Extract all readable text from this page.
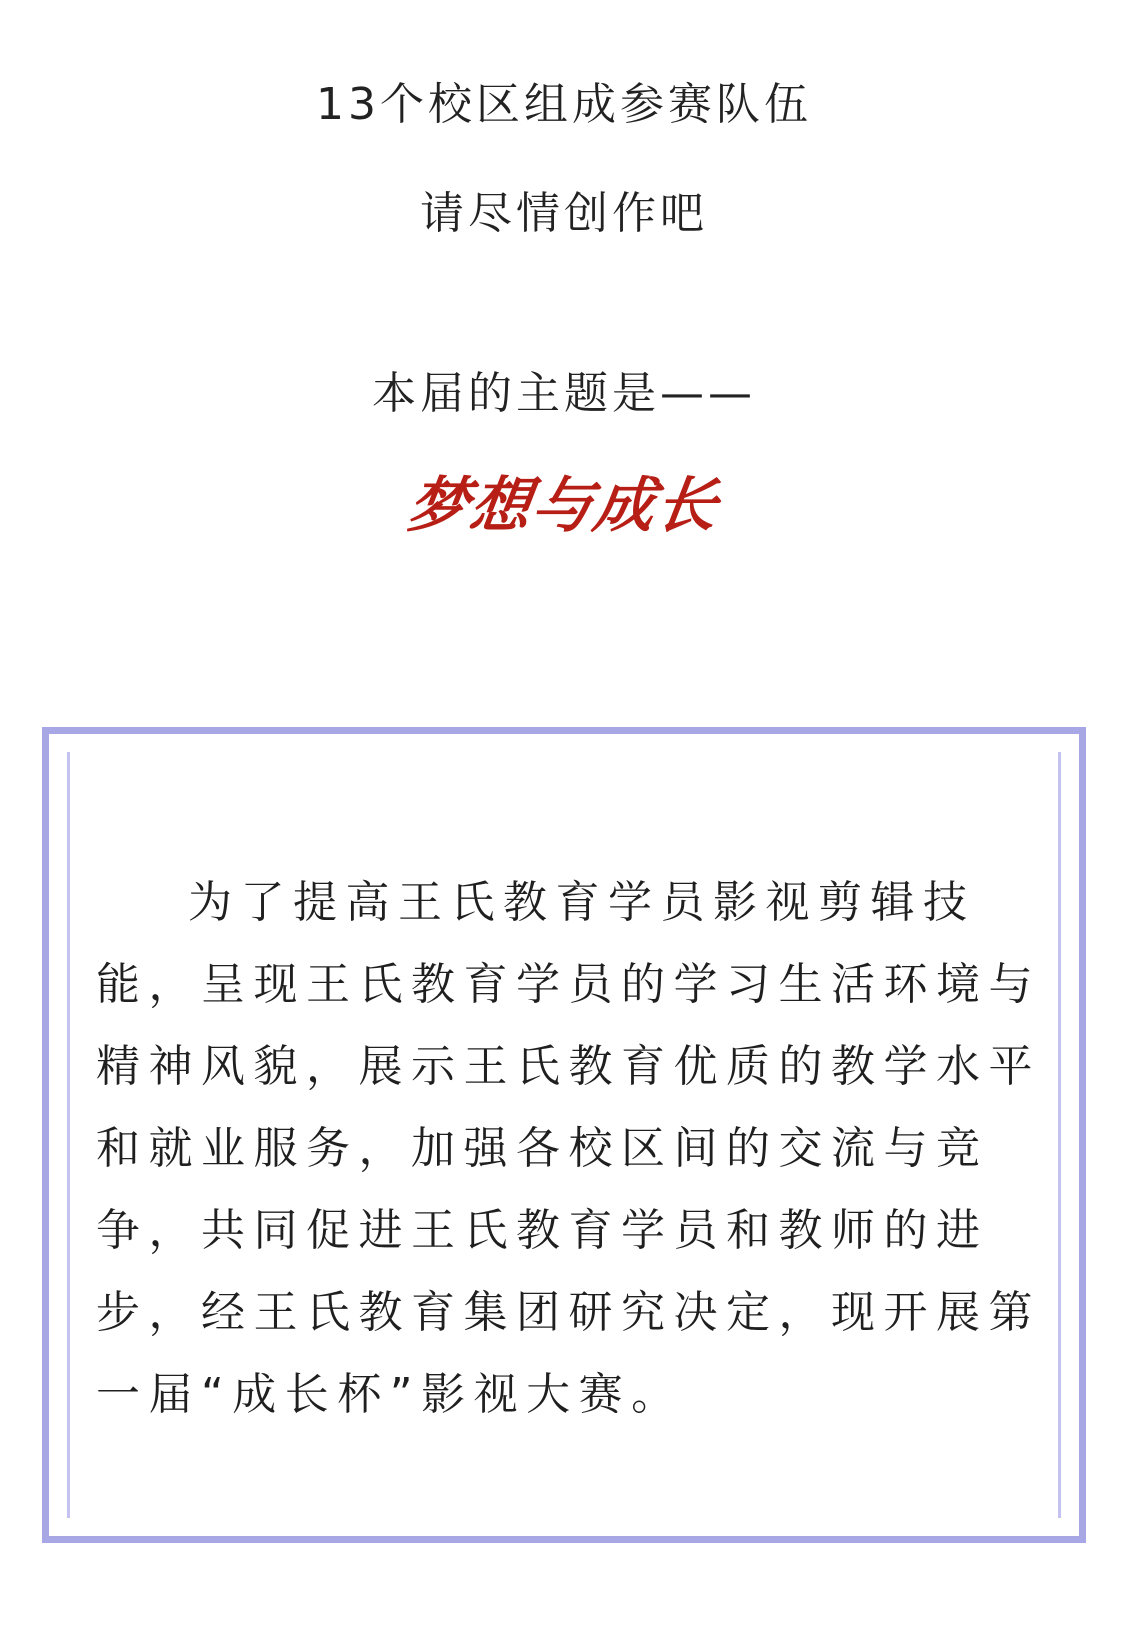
13个校区组成参赛队伍
请尽情创作吧
本届的主题是——
梦想与成长
为了提高王氏教育学员影视剪辑技
能，呈现王氏教育学员的学习生活环境与
精神风貌，展示王氏教育优质的教学水平
和就业服务，加强各校区间的交流与竞
争，共同促进王氏教育学员和教师的进
步，经王氏教育集团研究决定，现开展第
一届“成长杯”影视大赛。
